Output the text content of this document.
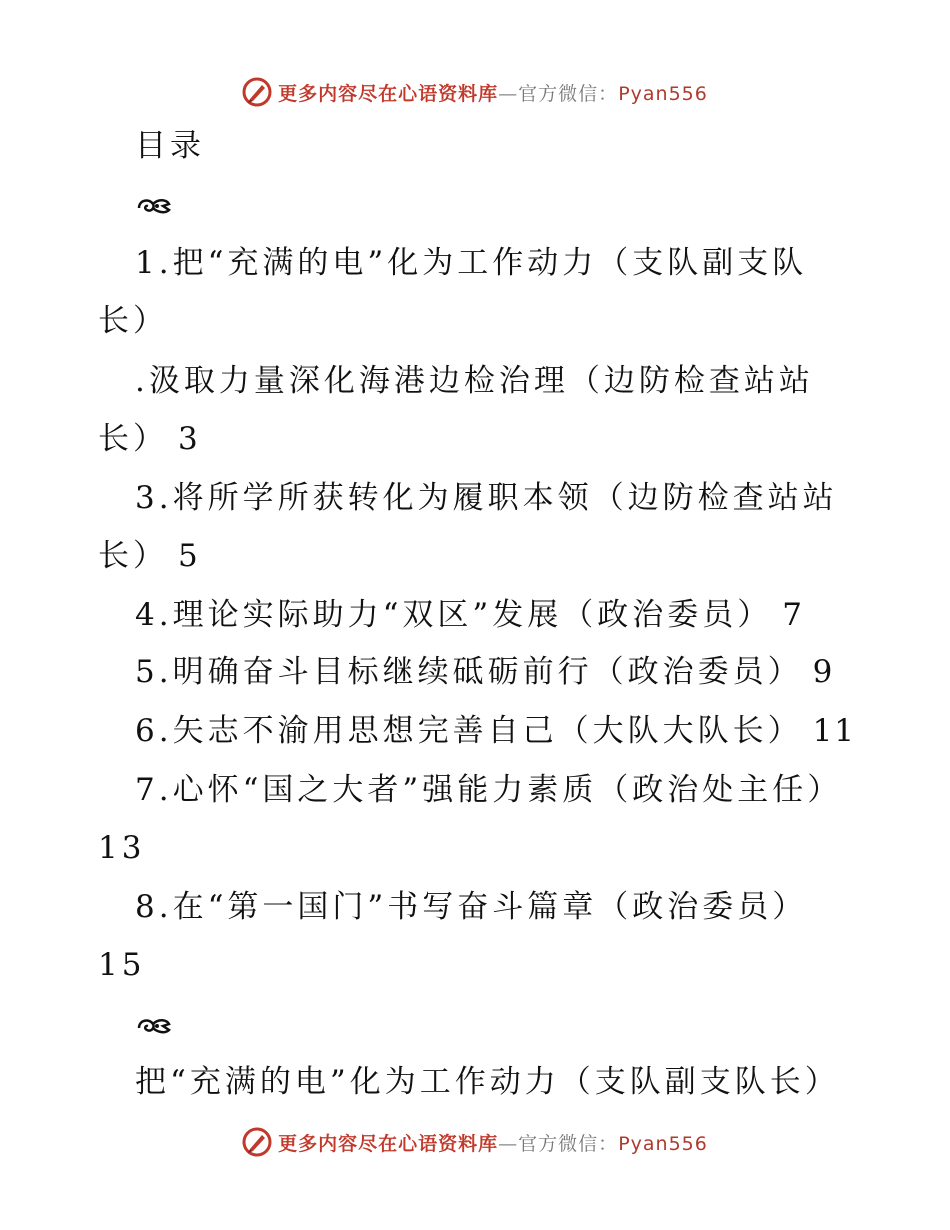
更多内容尽在心语资料库—官方微信：Pyan556
目录
1.把“充满的电”化为工作动力（支队副支队
长）
.汲取力量深化海港边检治理（边防检查站站
长） 3
3.将所学所获转化为履职本领（边防检查站站
长） 5
4.理论实际助力“双区”发展（政治委员） 7
5.明确奋斗目标继续砥砺前行（政治委员） 9
6.矢志不渝用思想完善自己（大队大队长） 11
7.心怀“国之大者”强能力素质（政治处主任）
13
8.在“第一国门”书写奋斗篇章（政治委员）
15
把“充满的电”化为工作动力（支队副支队长）
更多内容尽在心语资料库—官方微信：Pyan556
